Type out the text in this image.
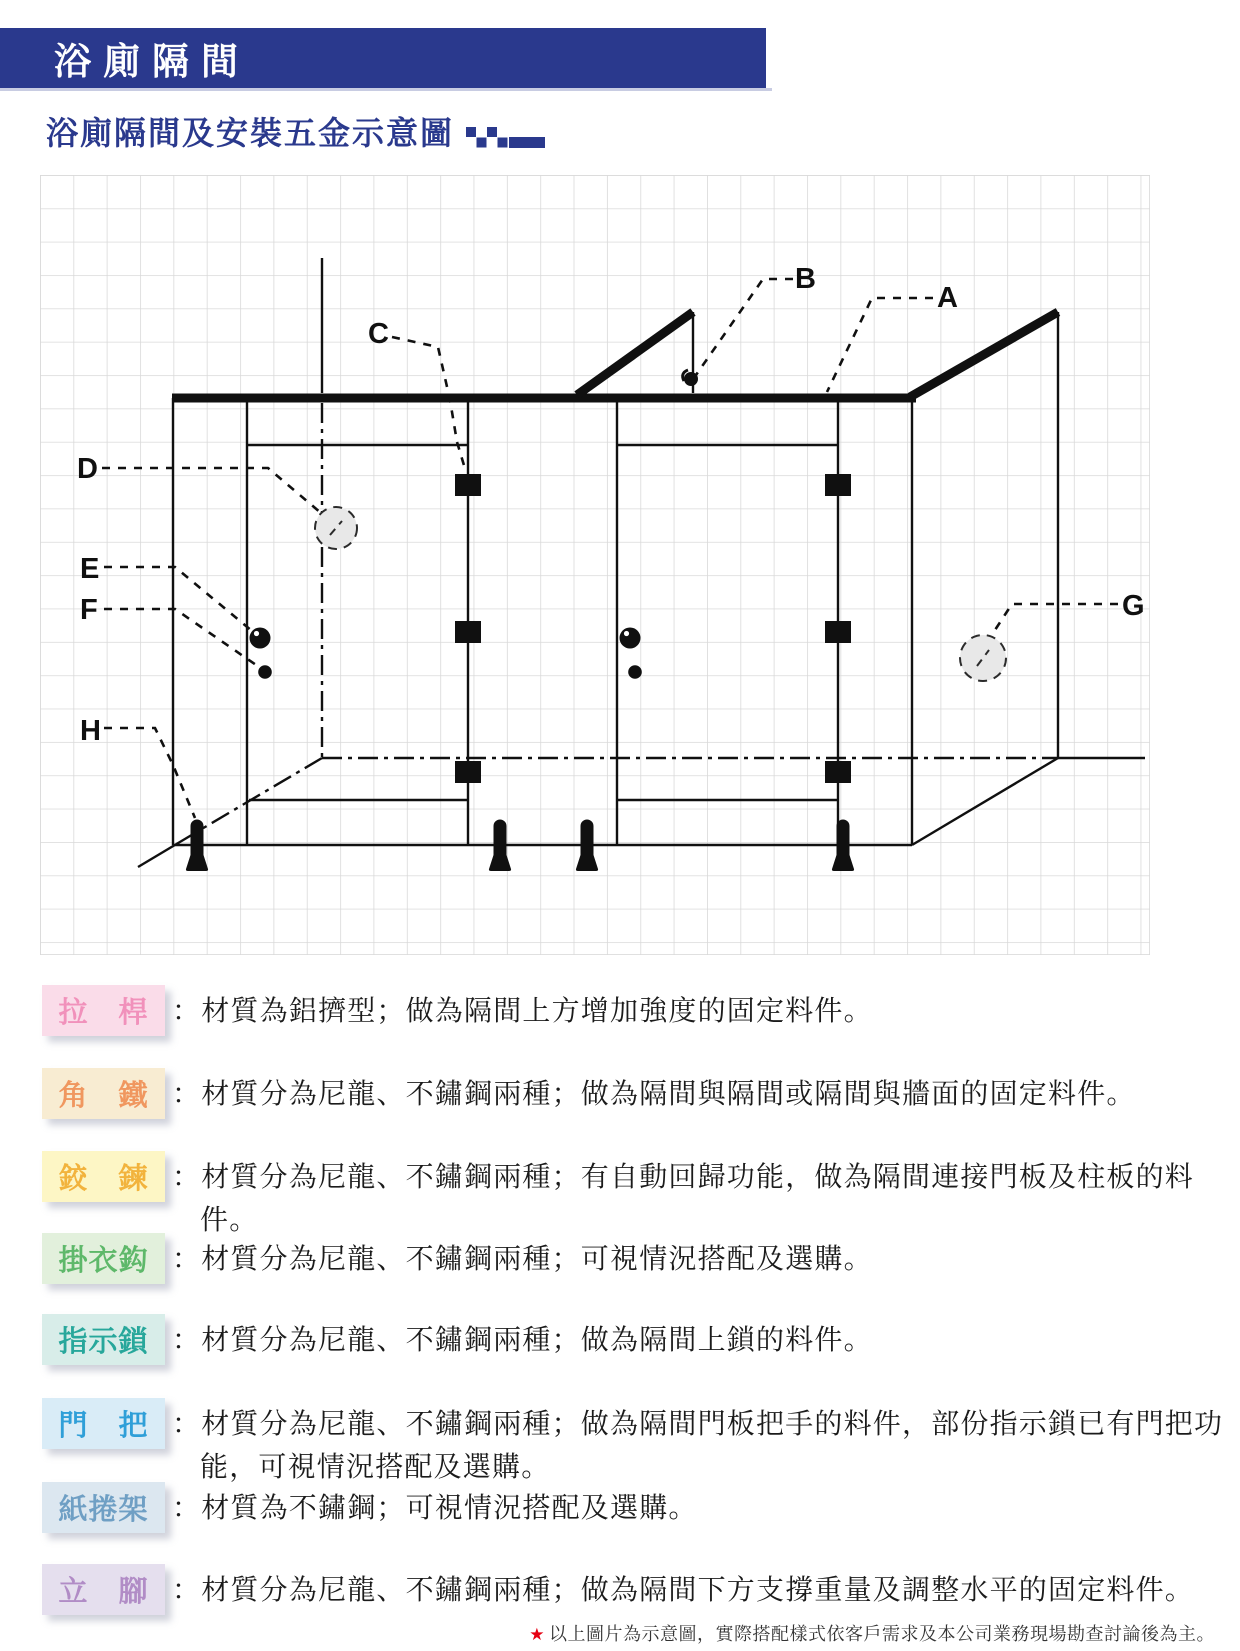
浴廁隔間
浴廁隔間及安裝五金示意圖
A
B
C
D
E
F	G
H
拉　桿 ：材質為鋁擠型；做為隔間上方增加強度的固定料件。
角　鐵 ：材質分為尼龍、不鏽鋼兩種；做為隔間與隔間或隔間與牆面的固定料件。
鉸　鍊 ：材質分為尼龍、不鏽鋼兩種；有自動回歸功能，做為隔間連接門板及柱板的料件。
掛衣鈎 ：材質分為尼龍、不鏽鋼兩種；可視情況搭配及選購。
指示鎖 ：材質分為尼龍、不鏽鋼兩種；做為隔間上鎖的料件。
門　把 ：材質分為尼龍、不鏽鋼兩種；做為隔間門板把手的料件，部份指示鎖已有門把功能，可視情況搭配及選購。
紙捲架 ：材質為不鏽鋼；可視情況搭配及選購。
立　腳 ：材質分為尼龍、不鏽鋼兩種；做為隔間下方支撐重量及調整水平的固定料件。
★ 以上圖片為示意圖，實際搭配樣式依客戶需求及本公司業務現場勘查討論後為主。
